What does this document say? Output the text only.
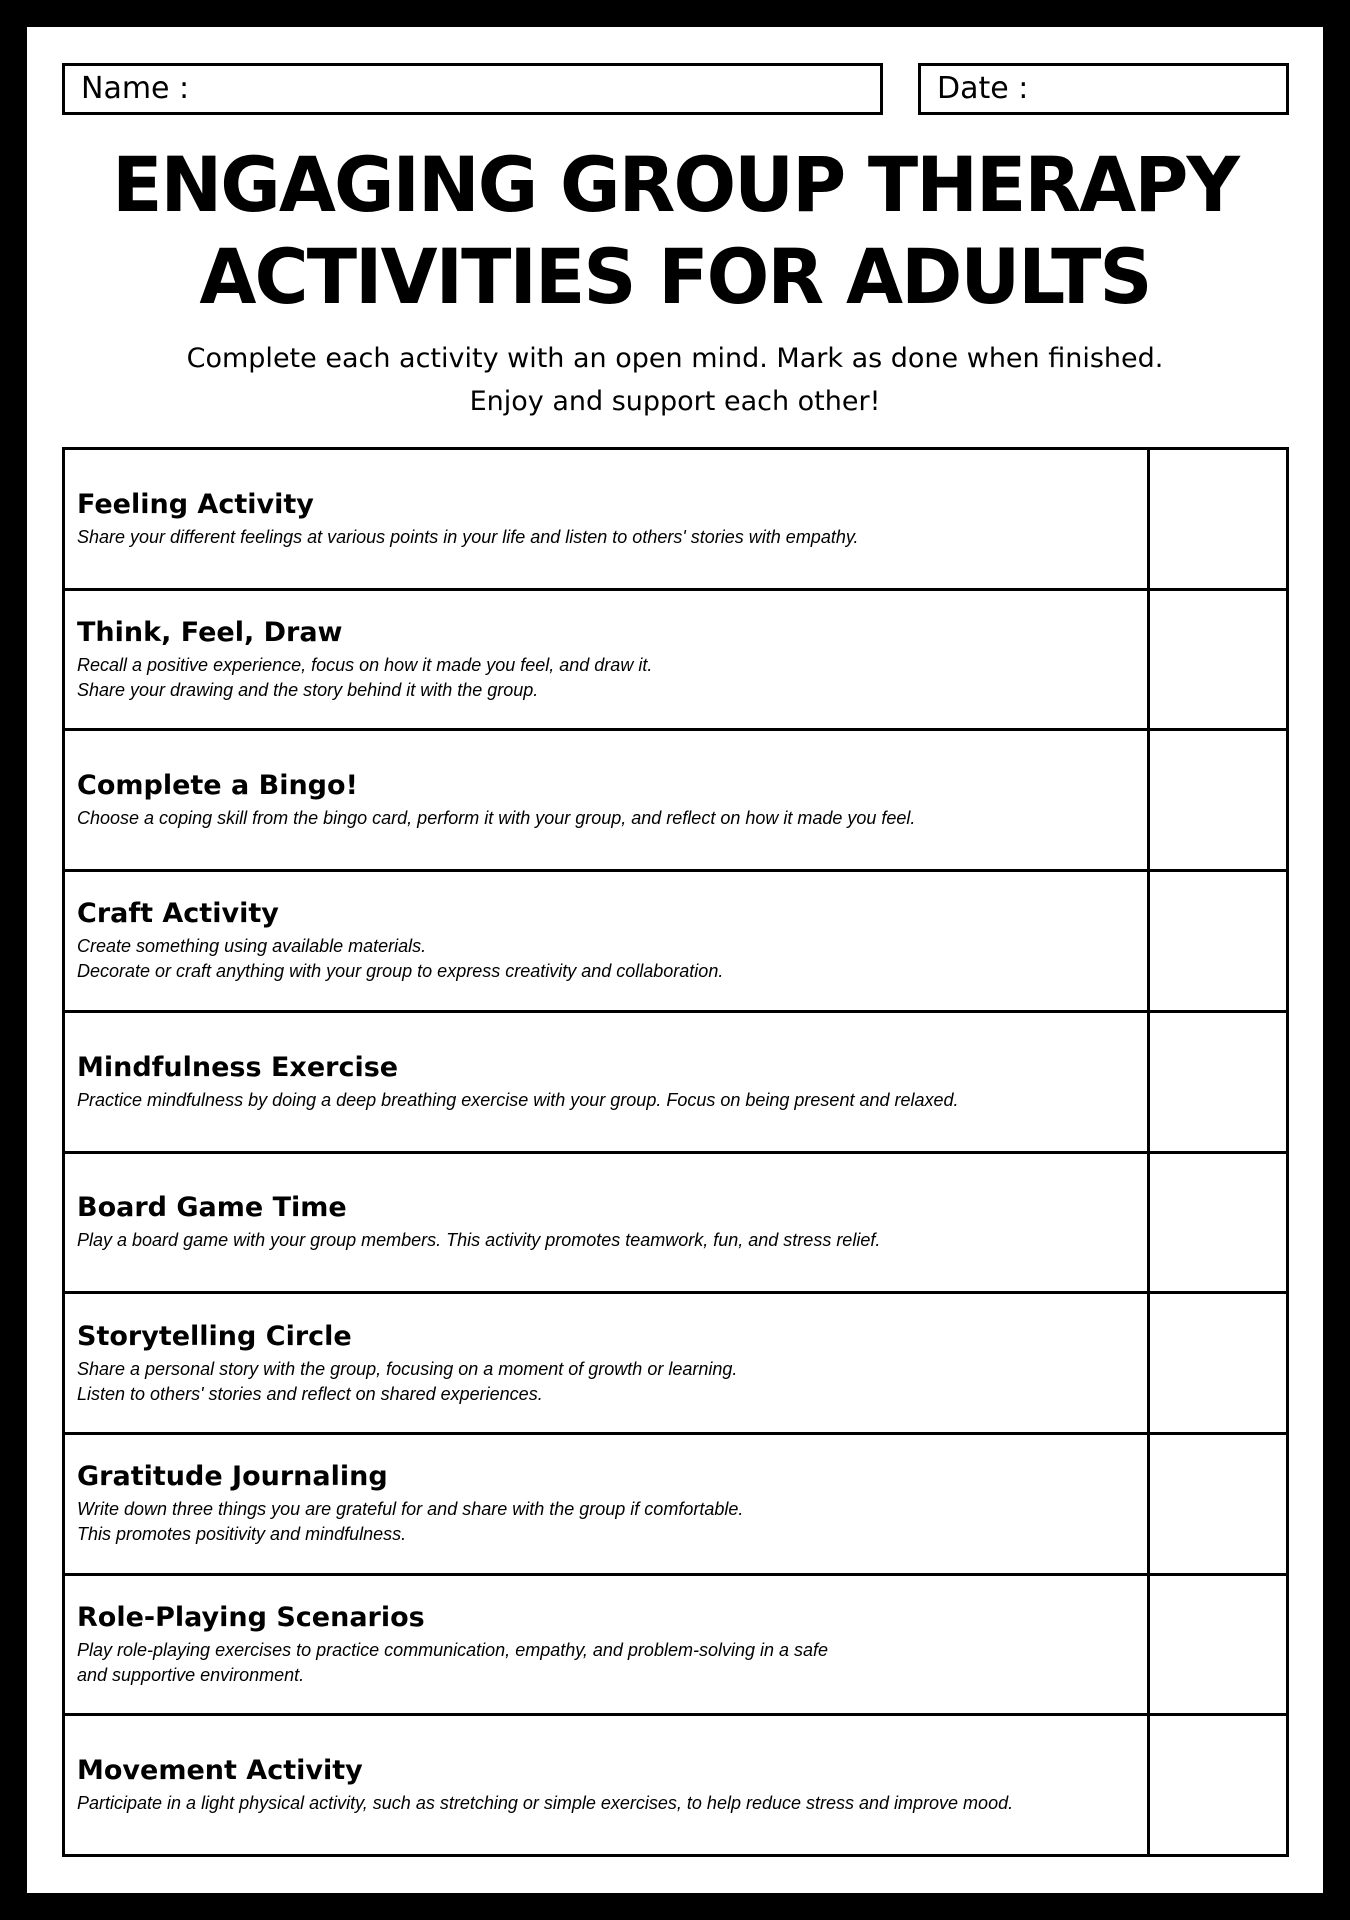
Name :	Date :
ENGAGING GROUP THERAPY
ACTIVITIES FOR ADULTS
Complete each activity with an open mind. Mark as done when finished.
Enjoy and support each other!
Feeling Activity
Share your different feelings at various points in your life and listen to others' stories with empathy.
Think, Feel, Draw
Recall a positive experience, focus on how it made you feel, and draw it.
Share your drawing and the story behind it with the group.
Complete a Bingo!
Choose a coping skill from the bingo card, perform it with your group, and reflect on how it made you feel.
Craft Activity
Create something using available materials.
Decorate or craft anything with your group to express creativity and collaboration.
Mindfulness Exercise
Practice mindfulness by doing a deep breathing exercise with your group. Focus on being present and relaxed.
Board Game Time
Play a board game with your group members. This activity promotes teamwork, fun, and stress relief.
Storytelling Circle
Share a personal story with the group, focusing on a moment of growth or learning.
Listen to others' stories and reflect on shared experiences.
Gratitude Journaling
Write down three things you are grateful for and share with the group if comfortable.
This promotes positivity and mindfulness.
Role-Playing Scenarios
Play role-playing exercises to practice communication, empathy, and problem-solving in a safe
and supportive environment.
Movement Activity
Participate in a light physical activity, such as stretching or simple exercises, to help reduce stress and improve mood.
